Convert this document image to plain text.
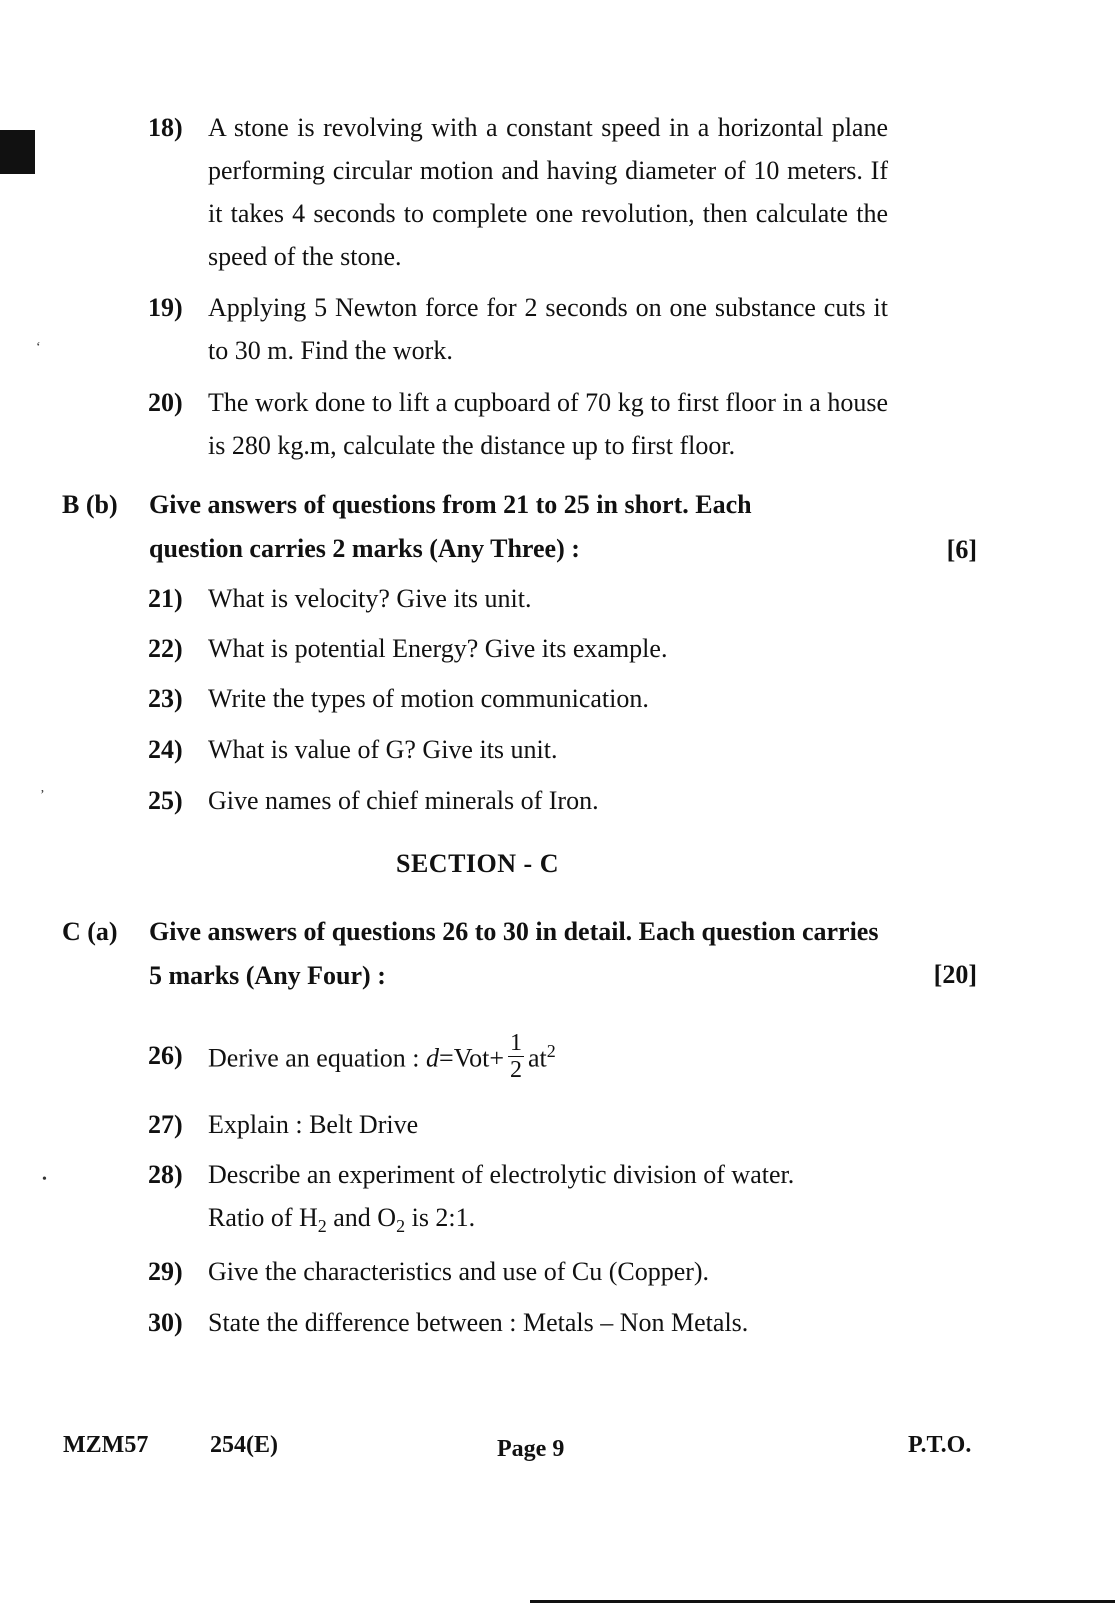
‘
’
•
18) A stone is revolving with a constant speed in a horizontal plane performing circular motion and having diameter of 10 meters. If it takes 4 seconds to complete one revolution, then calculate the speed of the stone.
19) Applying 5 Newton force for 2 seconds on one substance cuts it to 30 m. Find the work.
20) The work done to lift a cupboard of 70 kg to first floor in a house is 280 kg.m, calculate the distance up to first floor.
B (b) Give answers of questions from 21 to 25 in short. Each question carries 2 marks (Any Three) :	[6]
21) What is velocity? Give its unit.
22) What is potential Energy? Give its example.
23) Write the types of motion communication.
24) What is value of G? Give its unit.
25) Give names of chief minerals of Iron.
SECTION - C
C (a) Give answers of questions 26 to 30 in detail. Each question carries 5 marks (Any Four) :	[20]
26) Derive an equation : $d=Vot+ \frac{1}{2} at^2$
27) Explain : Belt Drive
28) Describe an experiment of electrolytic division of water.
Ratio of $H_2$ and $O_2$ is 2:1.
29) Give the characteristics and use of Cu (Copper).
30) State the difference between : Metals – Non Metals.
MZM57	254(E)	Page 9	P.T.O.
